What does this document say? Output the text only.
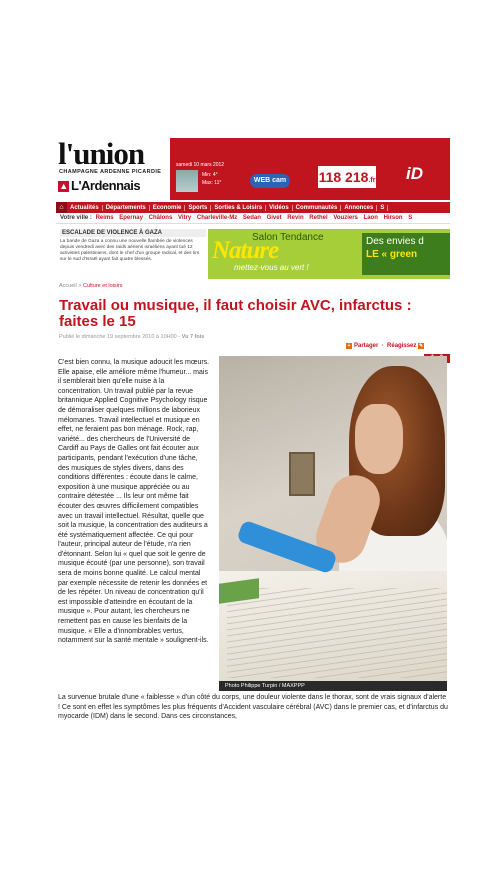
l'union
CHAMPAGNE ARDENNE PICARDIE
▲ L'Ardennais
samedi 10 mars 2012
Min: 4°
Max: 11°	WEB cam 118 218.fr iD
⌂	Actualités	Départements	Economie	Sports	Sorties & Loisirs	Vidéos	Communautés	Annonces	S
Votre ville : Reims Epernay Châlons Vitry Charleville-Mz Sedan Givet Revin Rethel Vouziers Laon Hirson S
ESCALADE DE VIOLENCE À GAZA
La bande de Gaza a connu une nouvelle flambée de violences depuis vendredi avec des raids aériens israéliens ayant tué 12 activistes palestiniens, dont le chef d'un groupe radical, et des tirs sur le sud d'Israël ayant fait quatre blessés.
Salon Tendance
Nature
mettez-vous au vert !
Des envies d
LE « green
Accueil > Culture et loisirs
Travail ou musique, il faut choisir AVC, infarctus : faites le 15
Publié le dimanche 19 septembre 2010 à 10H00 - Vu 7 fois
+ Partager  ·  Réagissez ✎
C'est bien connu, la musique adoucit les mœurs. Elle apaise, elle améliore même l'humeur... mais il semblerait bien qu'elle nuise à la concentration. Un travail publié par la revue britannique Applied Cognitive Psychology risque de démoraliser quelques millions de laborieux mélomanes. Travail intellectuel et musique en effet, ne feraient pas bon ménage. Rock, rap, variété... des chercheurs de l'Université de Cardiff au Pays de Galles ont fait écouter aux participants, pendant l'exécution d'une tâche, des musiques de styles divers, dans des conditions différentes : écoute dans le calme, exposition à une musique appréciée ou au contraire détestée ... Ils leur ont même fait écouter des œuvres difficilement compatibles avec un travail intellectuel. Résultat, quelle que soit la musique, la concentration des auditeurs a été systématiquement affectée. Ce qui pour l'auteur, principal auteur de l'étude, n'a rien d'étonnant. Selon lui « quel que soit le genre de musique écouté (par une personne), son travail sera de moins bonne qualité. Le calcul mental par exemple nécessite de retenir les données et de les répéter. Un niveau de concentration qu'il est impossible d'atteindre en écoutant de la musique ». Pour autant, les chercheurs ne remettent pas en cause les bienfaits de la musique. « Elle a d'innombrables vertus, notamment sur la santé mentale » soulignent-ils.
Photo Philippe Turpin / MAXPPP
La survenue brutale d'une « faiblesse » d'un côté du corps, une douleur violente dans le thorax, sont de vrais signaux d'alerte ! Ce sont en effet les symptômes les plus fréquents d'Accident vasculaire cérébral (AVC) dans le premier cas, et d'infarctus du myocarde (IDM) dans le second. Dans ces circonstances,
